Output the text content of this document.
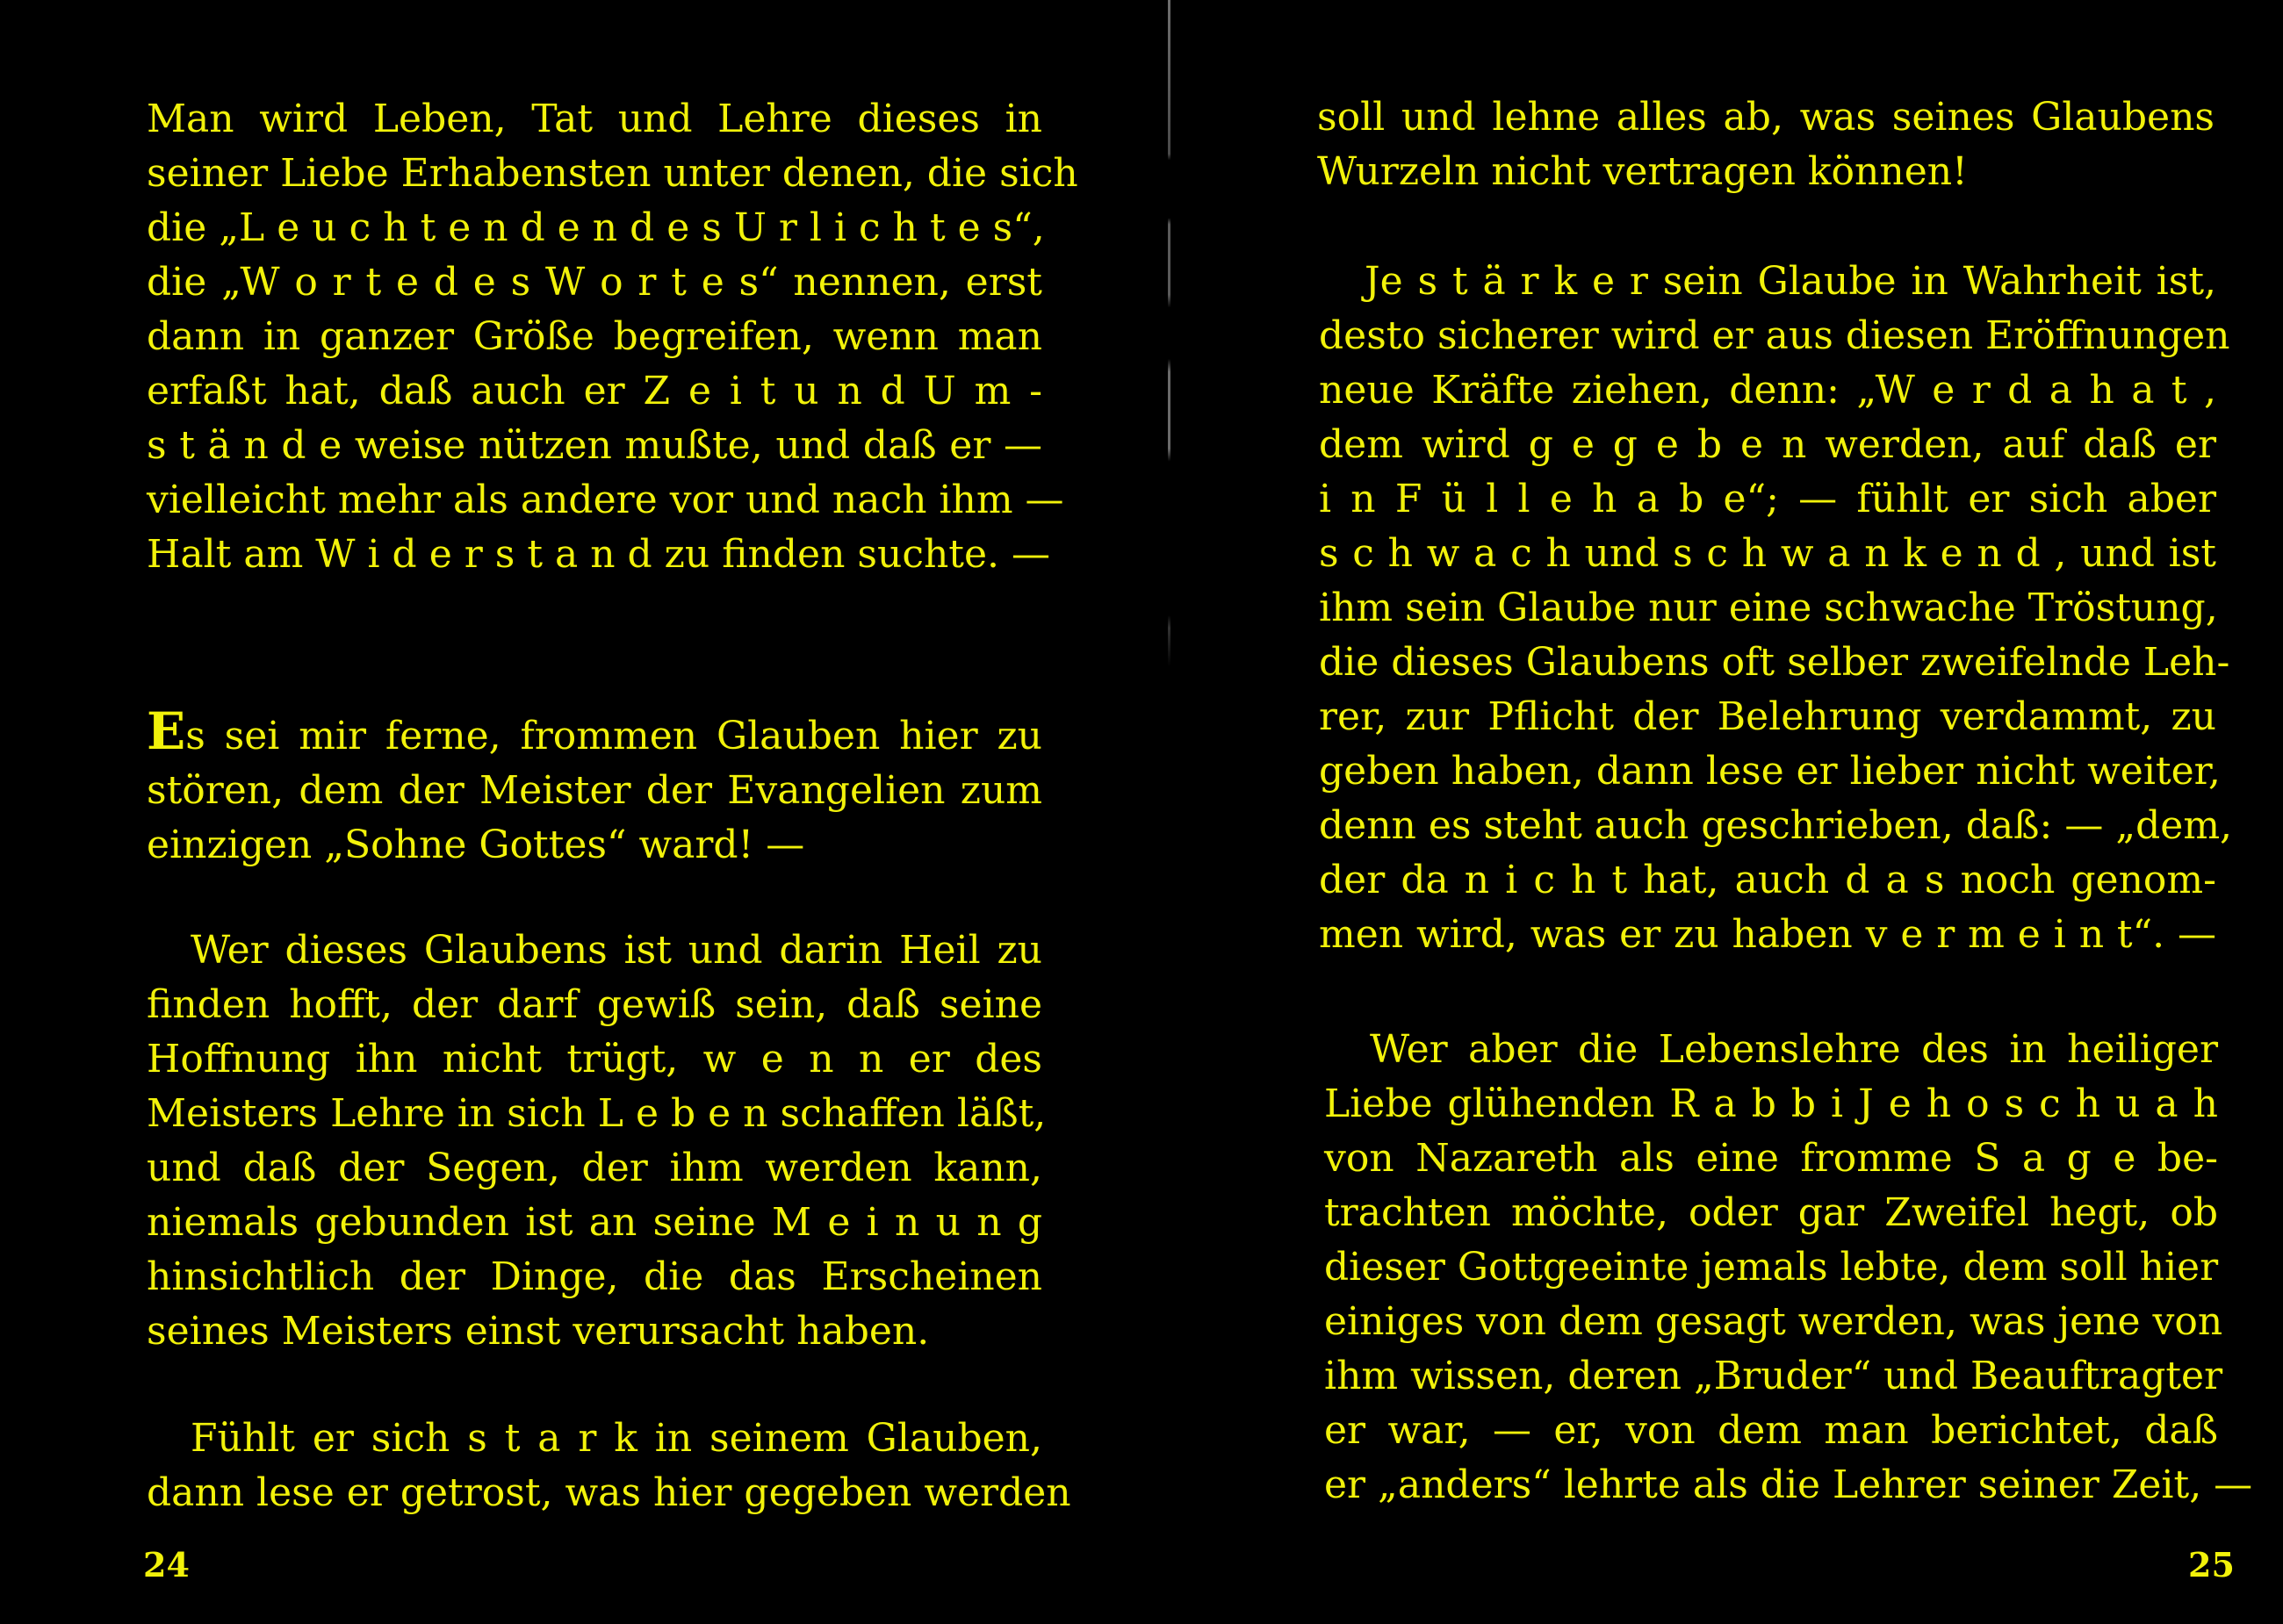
Man wird Leben, Tat und Lehre dieses in
seiner Liebe Erhabensten unter denen, die sich
die „L e u c h t e n d e n d e s U r l i c h t e s“,
die „W o r t e d e s W o r t e s“ nennen, erst
dann in ganzer Größe begreifen, wenn man
erfaßt hat, daß auch er Z e i t u n d U m -
s t ä n d e weise nützen mußte, und daß er —
vielleicht mehr als andere vor und nach ihm —
Halt am W i d e r s t a n d zu finden suchte. —
Es sei mir ferne, frommen Glauben hier zu
stören, dem der Meister der Evangelien zum
einzigen „Sohne Gottes“ ward! —
Wer dieses Glaubens ist und darin Heil zu
finden hofft, der darf gewiß sein, daß seine
Hoffnung ihn nicht trügt, w e n n er des
Meisters Lehre in sich L e b e n schaffen läßt,
und daß der Segen, der ihm werden kann,
niemals gebunden ist an seine M e i n u n g
hinsichtlich der Dinge, die das Erscheinen
seines Meisters einst verursacht haben.
Fühlt er sich s t a r k in seinem Glauben,
dann lese er getrost, was hier gegeben werden
24
soll und lehne alles ab, was seines Glaubens
Wurzeln nicht vertragen können!
Je s t ä r k e r sein Glaube in Wahrheit ist,
desto sicherer wird er aus diesen Eröffnungen
neue Kräfte ziehen, denn: „W e r d a h a t ,
dem wird g e g e b e n werden, auf daß er
i n F ü l l e h a b e“; — fühlt er sich aber
s c h w a c h und s c h w a n k e n d , und ist
ihm sein Glaube nur eine schwache Tröstung,
die dieses Glaubens oft selber zweifelnde Leh-
rer, zur Pflicht der Belehrung verdammt, zu
geben haben, dann lese er lieber nicht weiter,
denn es steht auch geschrieben, daß: — „dem,
der da n i c h t hat, auch d a s noch genom-
men wird, was er zu haben v e r m e i n t“. —
Wer aber die Lebenslehre des in heiliger
Liebe glühenden R a b b i J e h o s c h u a h
von Nazareth als eine fromme S a g e be-
trachten möchte, oder gar Zweifel hegt, ob
dieser Gottgeeinte jemals lebte, dem soll hier
einiges von dem gesagt werden, was jene von
ihm wissen, deren „Bruder“ und Beauftragter
er war, — er, von dem man berichtet, daß
er „anders“ lehrte als die Lehrer seiner Zeit, —
25
